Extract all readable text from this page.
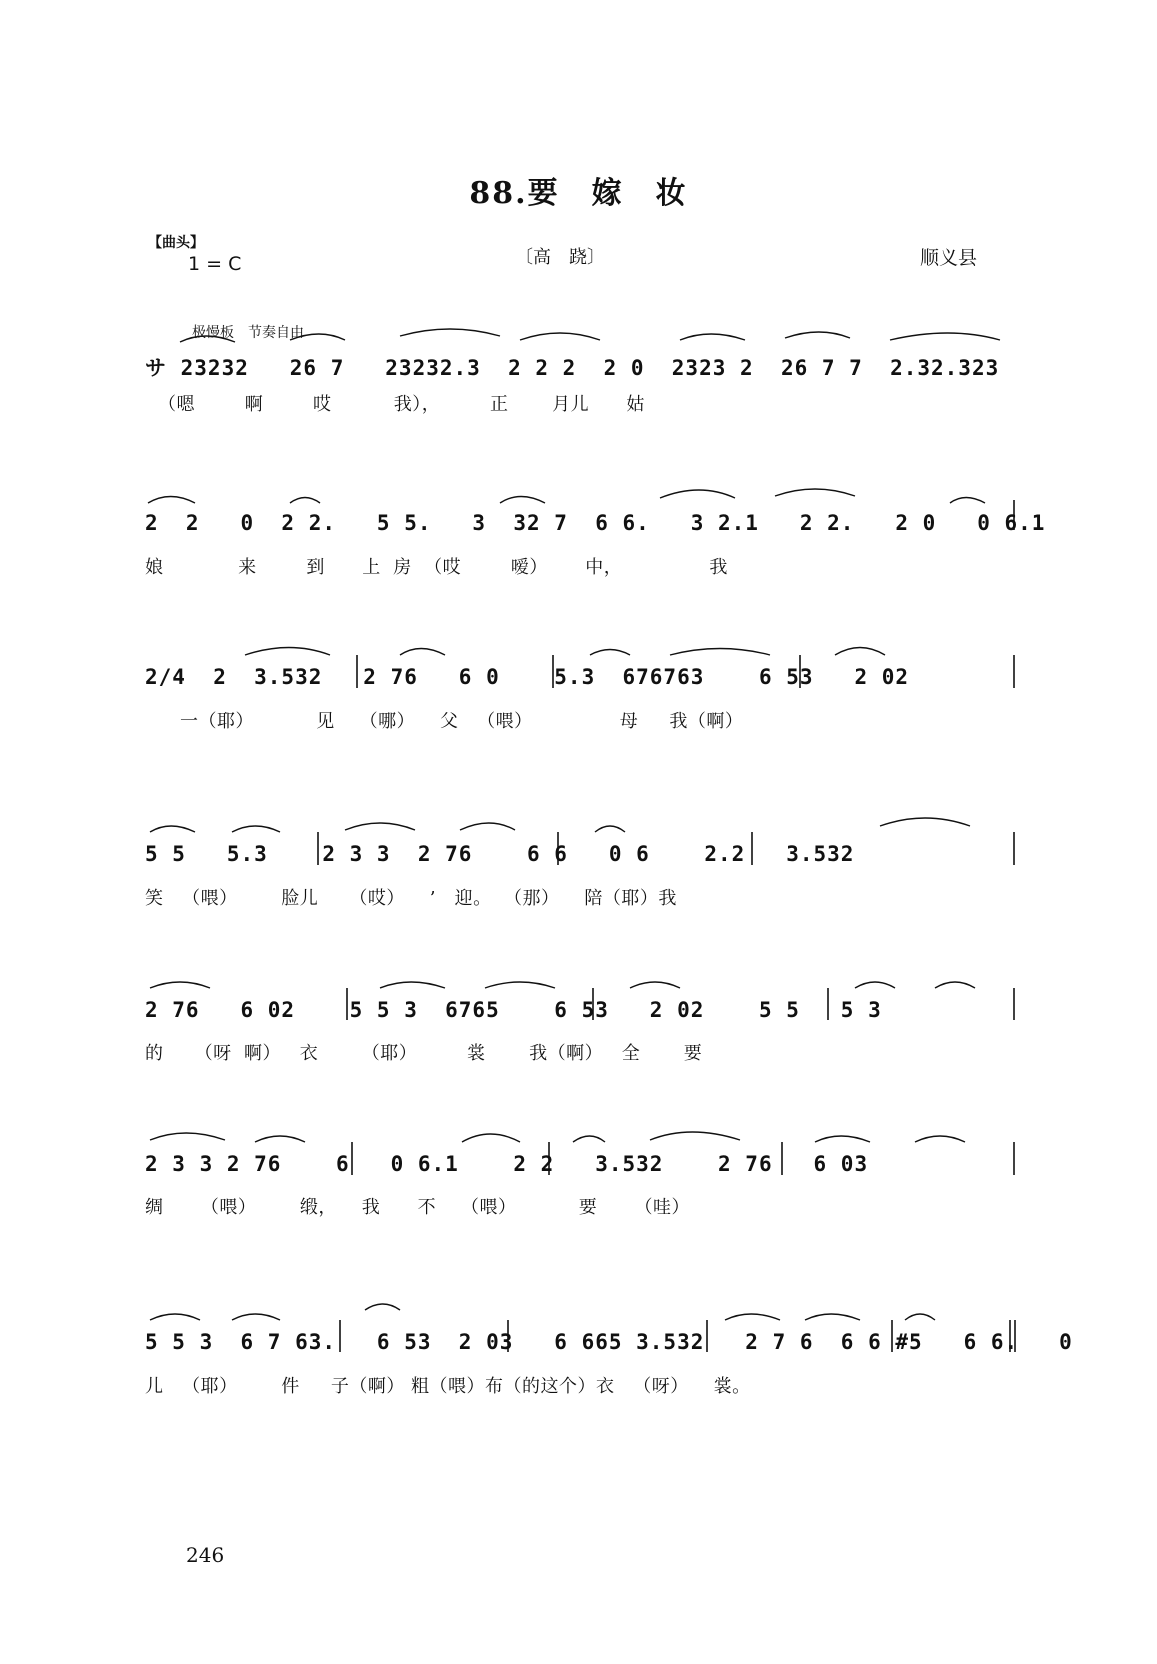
88.要　嫁　妆
【曲头】
1 = C	〔高　跷〕	顺义县
极慢板　节奏自由
サ 23232   26 7   23232.3  2 2 2  2 0  2323 2  26 7 7  2.32.323
（嗯        啊        哎          我），        正       月儿      姑
2  2   0  2 2.   5 5.   3  32 7  6 6.   3 2.1   2 2.   2 0   0 6.1
娘            来        到      上  房  （哎        嗳）      中，              我
2/4  2  3.532   2 76   6 0    5.3  676763    6 53   2 02
一（耶）          见    （哪）    父   （喂）              母     我（啊）
5 5   5.3    2 3 3  2 76    6 6   0 6    2.2   3.532
笑   （喂）       脸儿     （哎）    ’   迎。  （那）    陪（耶）我
2 76   6 02    5 5 3  6765    6 53   2 02    5 5   5 3
的     （呀  啊）   衣       （耶）        裳       我（啊）   全       要
2 3 3 2 76    6   0 6.1    2 2   3.532    2 76   6 03
绸      （喂）       缎，    我      不    （喂）          要      （哇）
5 5 3  6 7 63.   6 53  2 03   6 665 3.532   2 7 6  6 6 #5   6 6.   0
儿   （耶）       件     子（啊） 粗（喂）布（的这个）衣   （呀）    裳。
246
